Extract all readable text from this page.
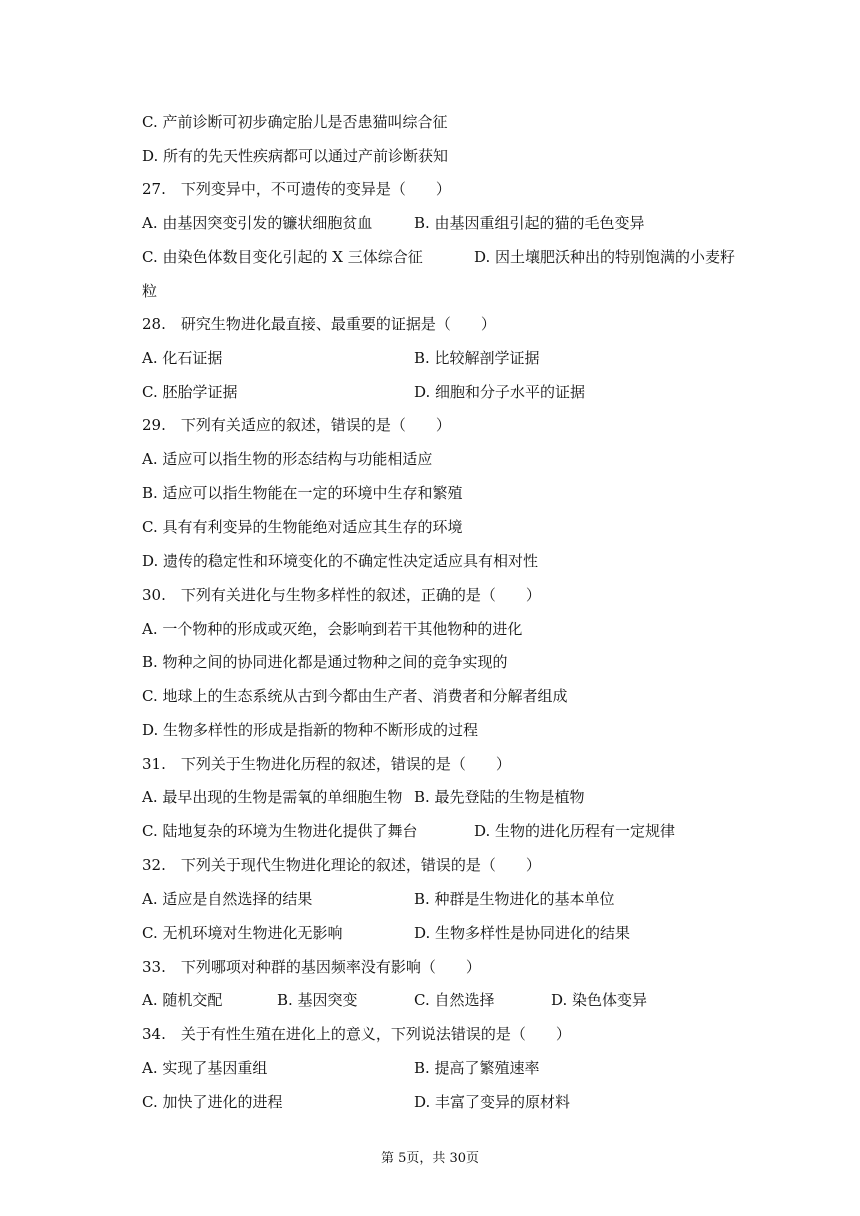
C. 产前诊断可初步确定胎儿是否患猫叫综合征
D. 所有的先天性疾病都可以通过产前诊断获知
27.　下列变异中，不可遗传的变异是（　　）
A. 由基因突变引发的镰状细胞贫血	B. 由基因重组引起的猫的毛色变异
C. 由染色体数目变化引起的 X 三体综合征	D. 因土壤肥沃种出的特别饱满的小麦籽
粒
28.　研究生物进化最直接、最重要的证据是（　　）
A. 化石证据	B. 比较解剖学证据
C. 胚胎学证据	D. 细胞和分子水平的证据
29.　下列有关适应的叙述，错误的是（　　）
A. 适应可以指生物的形态结构与功能相适应
B. 适应可以指生物能在一定的环境中生存和繁殖
C. 具有有利变异的生物能绝对适应其生存的环境
D. 遗传的稳定性和环境变化的不确定性决定适应具有相对性
30.　下列有关进化与生物多样性的叙述，正确的是（　　）
A. 一个物种的形成或灭绝，会影响到若干其他物种的进化
B. 物种之间的协同进化都是通过物种之间的竞争实现的
C. 地球上的生态系统从古到今都由生产者、消费者和分解者组成
D. 生物多样性的形成是指新的物种不断形成的过程
31.　下列关于生物进化历程的叙述，错误的是（　　）
A. 最早出现的生物是需氧的单细胞生物 B. 最先登陆的生物是植物
C. 陆地复杂的环境为生物进化提供了舞台	D. 生物的进化历程有一定规律
32.　下列关于现代生物进化理论的叙述，错误的是（　　）
A. 适应是自然选择的结果	B. 种群是生物进化的基本单位
C. 无机环境对生物进化无影响	D. 生物多样性是协同进化的结果
33.　下列哪项对种群的基因频率没有影响（　　）
A. 随机交配	B. 基因突变	C. 自然选择	D. 染色体变异
34.　关于有性生殖在进化上的意义，下列说法错误的是（　　）
A. 实现了基因重组	B. 提高了繁殖速率
C. 加快了进化的进程	D. 丰富了变异的原材料
第 5页，共 30页
